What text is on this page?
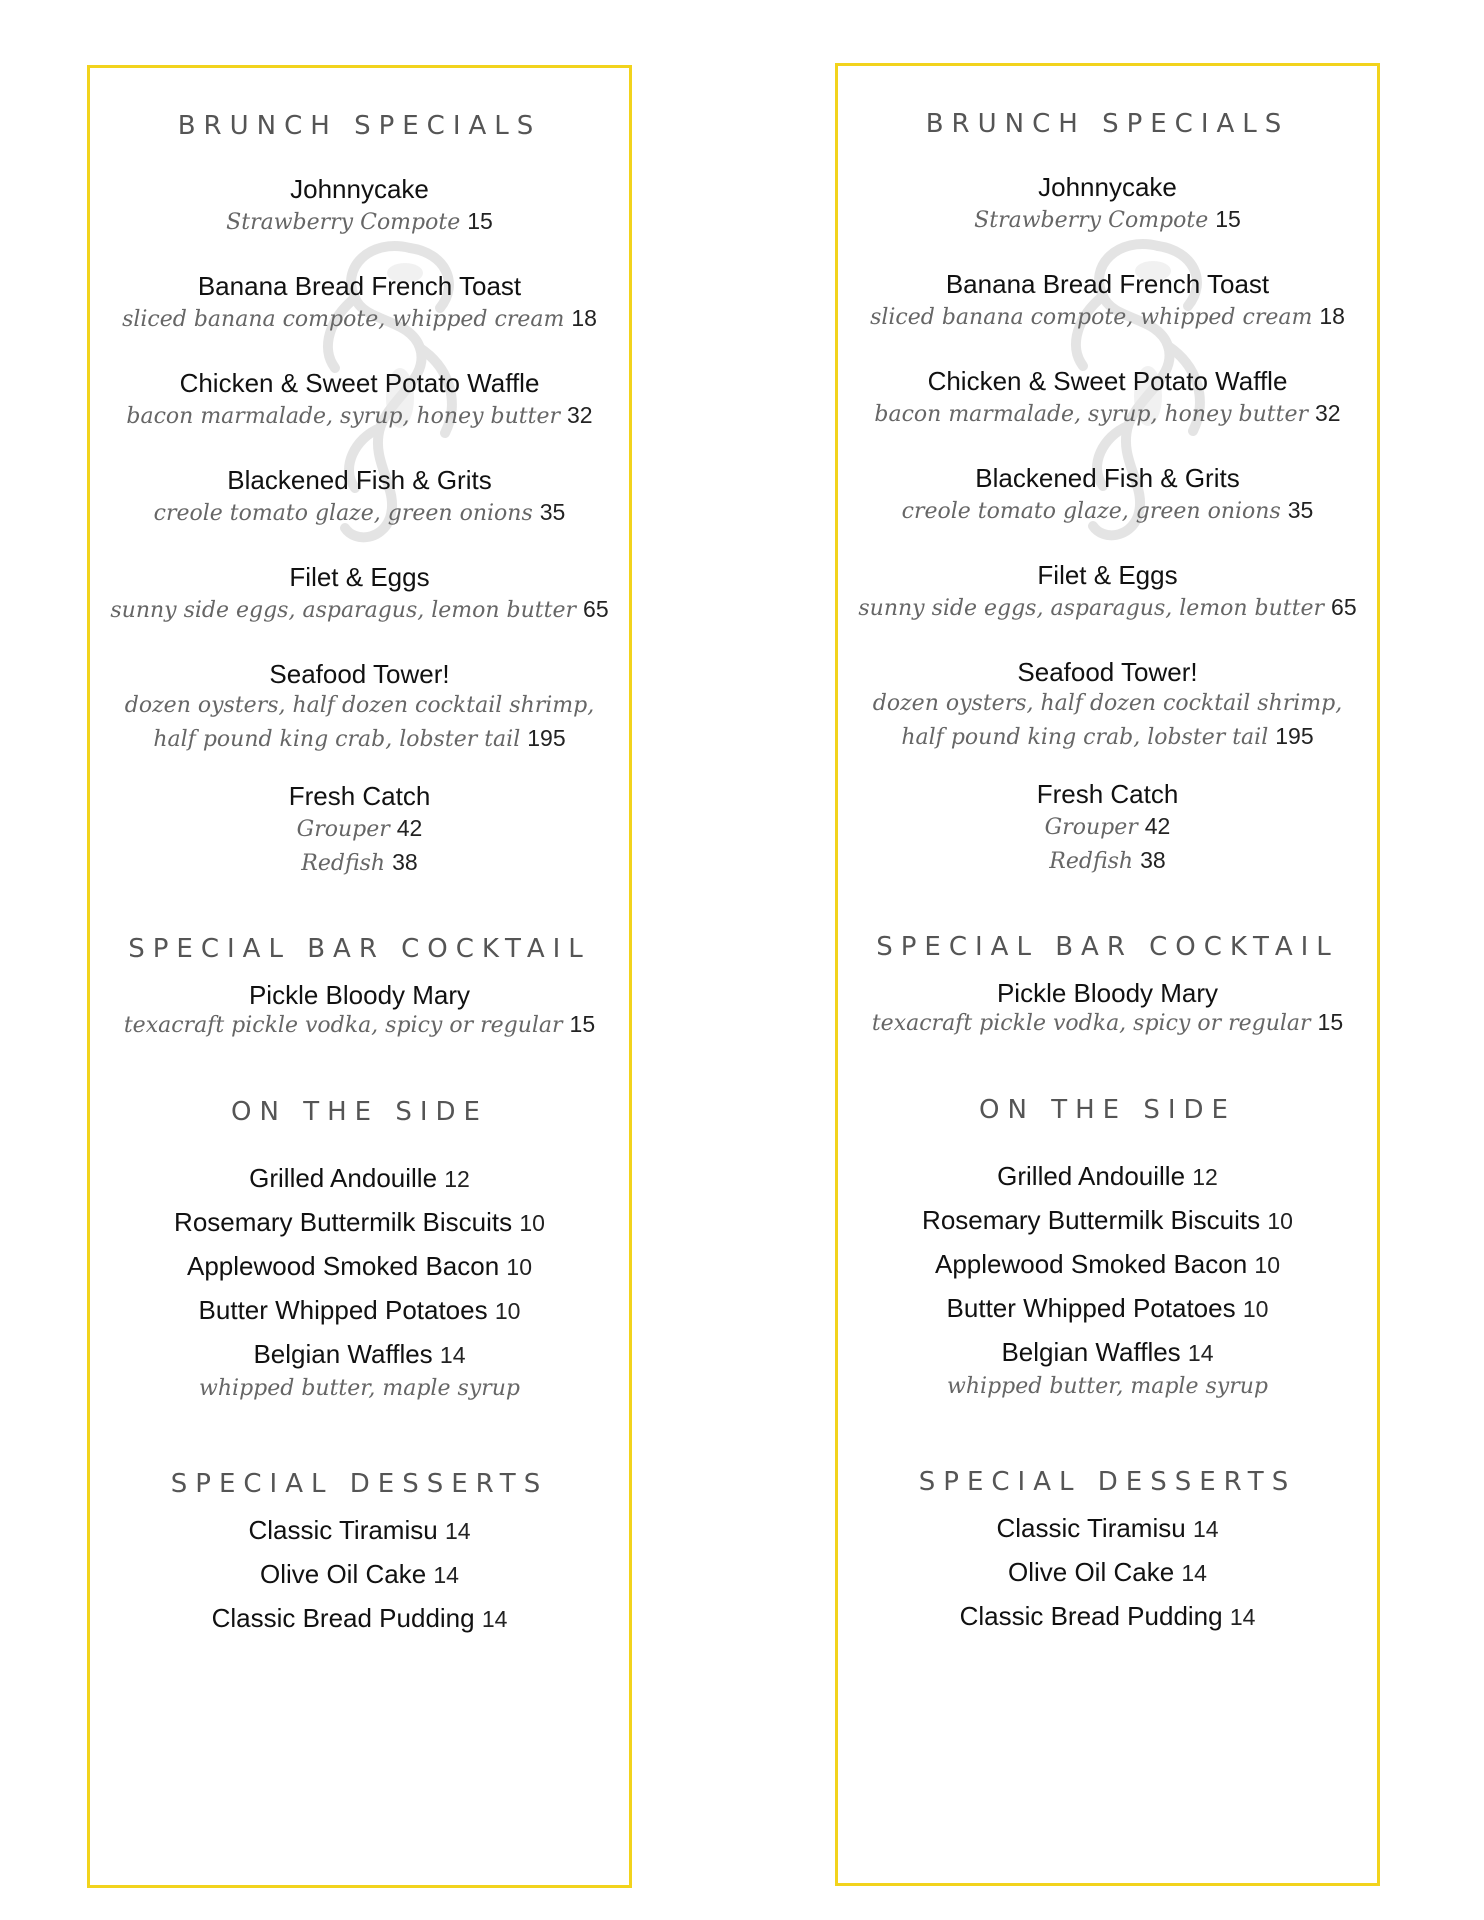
BRUNCH SPECIALS
Johnnycake
Strawberry Compote 15
Banana Bread French Toast
sliced banana compote, whipped cream 18
Chicken & Sweet Potato Waffle
bacon marmalade, syrup, honey butter 32
Blackened Fish & Grits
creole tomato glaze, green onions 35
Filet & Eggs
sunny side eggs, asparagus, lemon butter 65
Seafood Tower!
dozen oysters, half dozen cocktail shrimp,
half pound king crab, lobster tail 195
Fresh Catch
Grouper 42
Redfish 38
SPECIAL BAR COCKTAIL
Pickle Bloody Mary
texacraft pickle vodka, spicy or regular 15
ON THE SIDE
Grilled Andouille 12
Rosemary Buttermilk Biscuits 10
Applewood Smoked Bacon 10
Butter Whipped Potatoes 10
Belgian Waffles 14
whipped butter, maple syrup
SPECIAL DESSERTS
Classic Tiramisu 14
Olive Oil Cake 14
Classic Bread Pudding 14
BRUNCH SPECIALS
Johnnycake
Strawberry Compote 15
Banana Bread French Toast
sliced banana compote, whipped cream 18
Chicken & Sweet Potato Waffle
bacon marmalade, syrup, honey butter 32
Blackened Fish & Grits
creole tomato glaze, green onions 35
Filet & Eggs
sunny side eggs, asparagus, lemon butter 65
Seafood Tower!
dozen oysters, half dozen cocktail shrimp,
half pound king crab, lobster tail 195
Fresh Catch
Grouper 42
Redfish 38
SPECIAL BAR COCKTAIL
Pickle Bloody Mary
texacraft pickle vodka, spicy or regular 15
ON THE SIDE
Grilled Andouille 12
Rosemary Buttermilk Biscuits 10
Applewood Smoked Bacon 10
Butter Whipped Potatoes 10
Belgian Waffles 14
whipped butter, maple syrup
SPECIAL DESSERTS
Classic Tiramisu 14
Olive Oil Cake 14
Classic Bread Pudding 14
